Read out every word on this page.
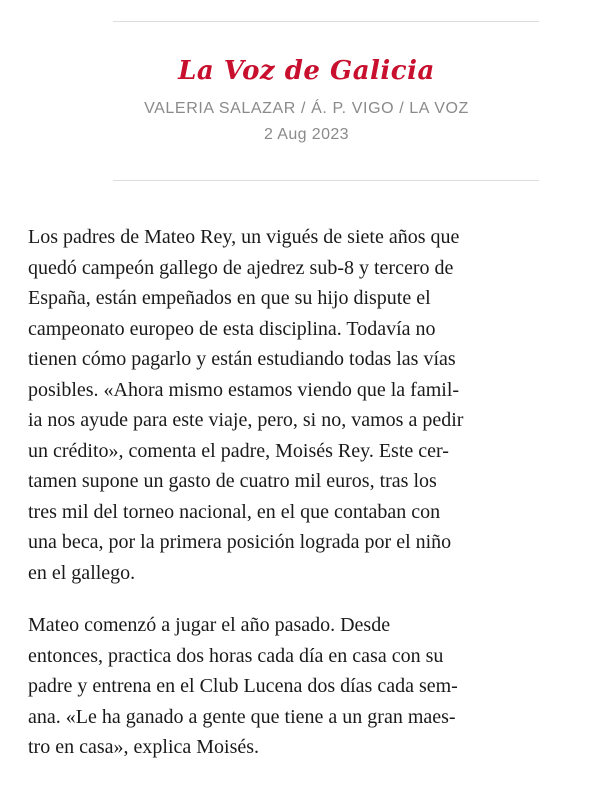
La Voz de Galicia
VALERIA SALAZAR / Á. P. VIGO / LA VOZ
2 Aug 2023

Los padres de Mateo Rey, un vigués de siete años que
quedó campeón gallego de ajedrez sub-8 y tercero de
España, están empeñados en que su hijo dispute el
campeonato europeo de esta disciplina. Todavía no
tienen cómo pagarlo y están estudiando todas las vías
posibles. «Ahora mismo estamos viendo que la famil-
ia nos ayude para este viaje, pero, si no, vamos a pedir
un crédito», comenta el padre, Moisés Rey. Este cer-
tamen supone un gasto de cuatro mil euros, tras los
tres mil del torneo nacional, en el que contaban con
una beca, por la primera posición lograda por el niño
en el gallego.

Mateo comenzó a jugar el año pasado. Desde
entonces, practica dos horas cada día en casa con su
padre y entrena en el Club Lucena dos días cada sem-
ana. «Le ha ganado a gente que tiene a un gran maes-
tro en casa», explica Moisés.
